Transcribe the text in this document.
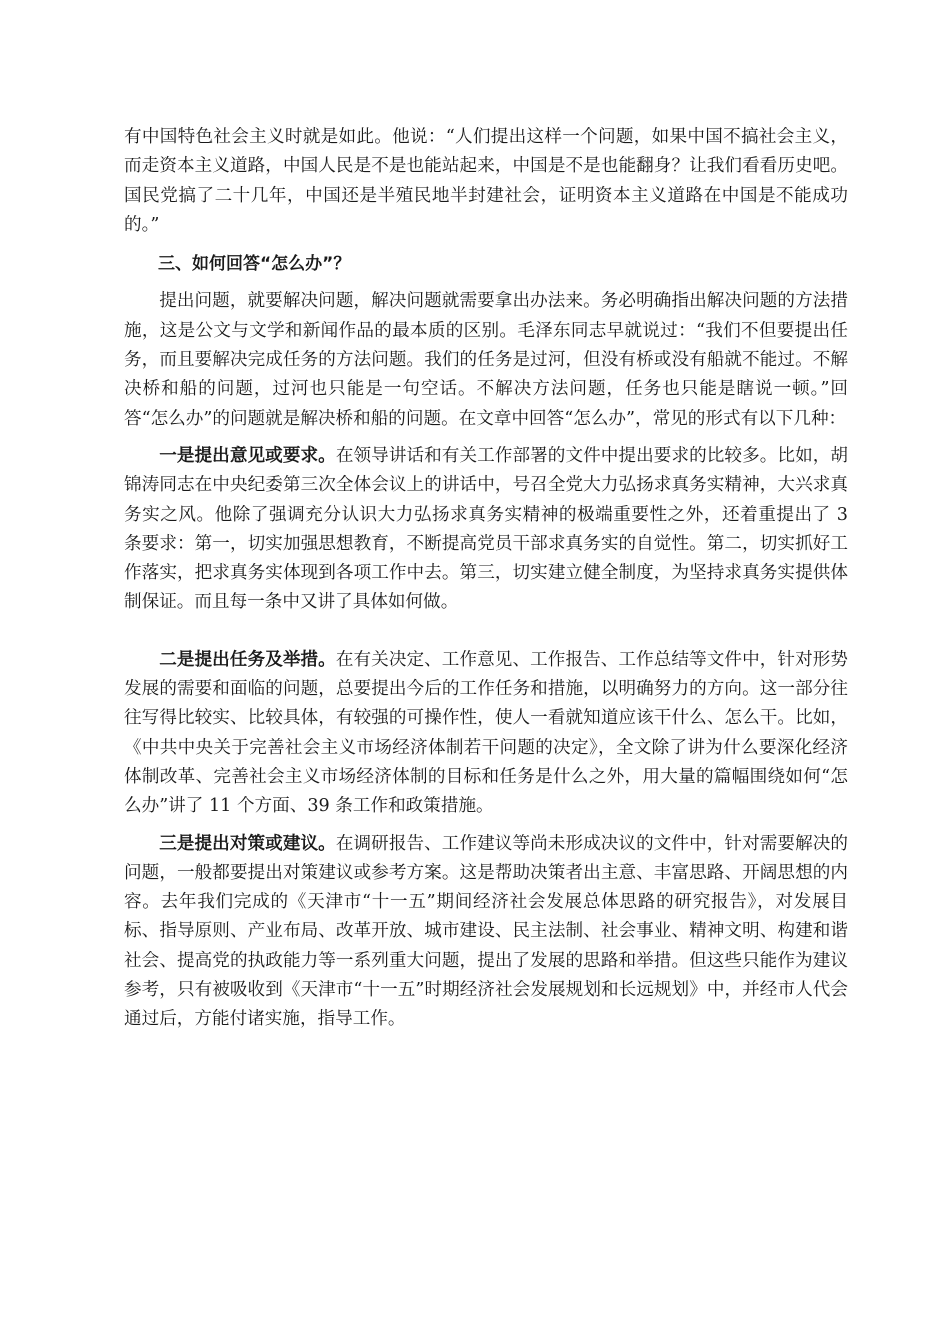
有中国特色社会主义时就是如此。他说：“人们提出这样一个问题，如果中国不搞社会主义，而走资本主义道路，中国人民是不是也能站起来，中国是不是也能翻身？让我们看看历史吧。国民党搞了二十几年，中国还是半殖民地半封建社会，证明资本主义道路在中国是不能成功的。”

三、如何回答“怎么办”？

提出问题，就要解决问题，解决问题就需要拿出办法来。务必明确指出解决问题的方法措施，这是公文与文学和新闻作品的最本质的区别。毛泽东同志早就说过：“我们不但要提出任务，而且要解决完成任务的方法问题。我们的任务是过河，但没有桥或没有船就不能过。不解决桥和船的问题，过河也只能是一句空话。不解决方法问题，任务也只能是瞎说一顿。”回答“怎么办”的问题就是解决桥和船的问题。在文章中回答“怎么办”，常见的形式有以下几种：

一是提出意见或要求。在领导讲话和有关工作部署的文件中提出要求的比较多。比如，胡锦涛同志在中央纪委第三次全体会议上的讲话中，号召全党大力弘扬求真务实精神，大兴求真务实之风。他除了强调充分认识大力弘扬求真务实精神的极端重要性之外，还着重提出了 3 条要求：第一，切实加强思想教育，不断提高党员干部求真务实的自觉性。第二，切实抓好工作落实，把求真务实体现到各项工作中去。第三，切实建立健全制度，为坚持求真务实提供体制保证。而且每一条中又讲了具体如何做。

二是提出任务及举措。在有关决定、工作意见、工作报告、工作总结等文件中，针对形势发展的需要和面临的问题，总要提出今后的工作任务和措施，以明确努力的方向。这一部分往往写得比较实、比较具体，有较强的可操作性，使人一看就知道应该干什么、怎么干。比如，《中共中央关于完善社会主义市场经济体制若干问题的决定》，全文除了讲为什么要深化经济体制改革、完善社会主义市场经济体制的目标和任务是什么之外，用大量的篇幅围绕如何“怎么办”讲了 11 个方面、39 条工作和政策措施。

三是提出对策或建议。在调研报告、工作建议等尚未形成决议的文件中，针对需要解决的问题，一般都要提出对策建议或参考方案。这是帮助决策者出主意、丰富思路、开阔思想的内容。去年我们完成的《天津市“十一五”期间经济社会发展总体思路的研究报告》，对发展目标、指导原则、产业布局、改革开放、城市建设、民主法制、社会事业、精神文明、构建和谐社会、提高党的执政能力等一系列重大问题，提出了发展的思路和举措。但这些只能作为建议参考，只有被吸收到《天津市“十一五”时期经济社会发展规划和长远规划》中，并经市人代会通过后，方能付诸实施，指导工作。
